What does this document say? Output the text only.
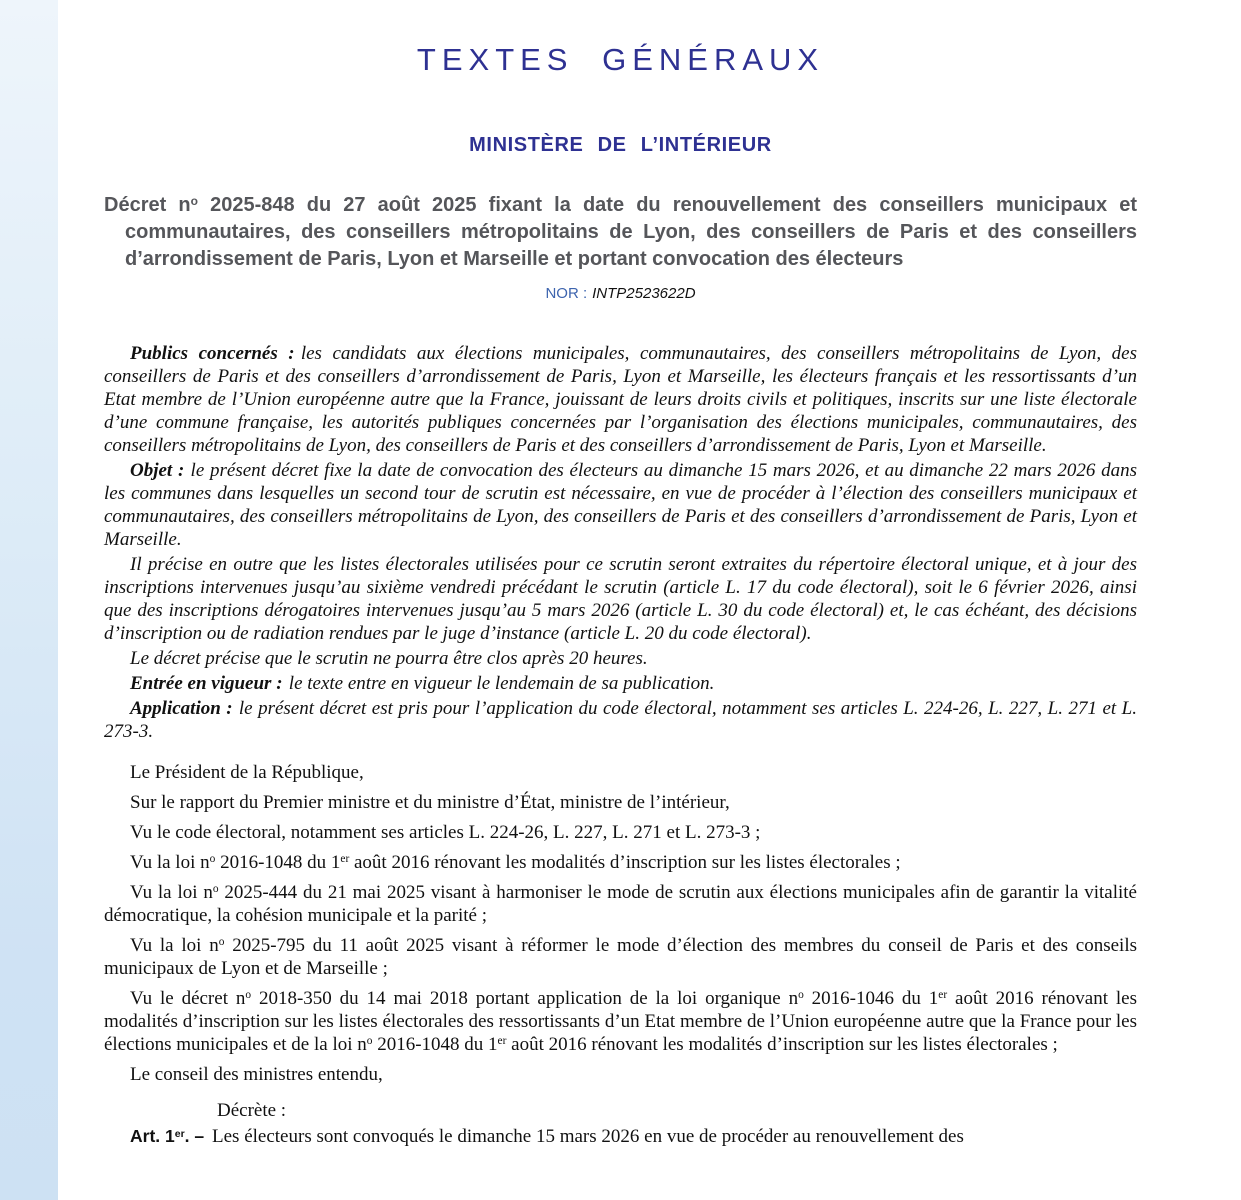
TEXTES GÉNÉRAUX
MINISTÈRE DE L’INTÉRIEUR
Décret $n^o$ 2025-848 du 27 août 2025 fixant la date du renouvellement des conseillers municipaux et communautaires, des conseillers métropolitains de Lyon, des conseillers de Paris et des conseillers d’arrondissement de Paris, Lyon et Marseille et portant convocation des électeurs
NOR : INTP2523622D

Publics concernés : les candidats aux élections municipales, communautaires, des conseillers métropolitains de Lyon, des conseillers de Paris et des conseillers d’arrondissement de Paris, Lyon et Marseille, les électeurs français et les ressortissants d’un Etat membre de l’Union européenne autre que la France, jouissant de leurs droits civils et politiques, inscrits sur une liste électorale d’une commune française, les autorités publiques concernées par l’organisation des élections municipales, communautaires, des conseillers métropolitains de Lyon, des conseillers de Paris et des conseillers d’arrondissement de Paris, Lyon et Marseille.

Objet : le présent décret fixe la date de convocation des électeurs au dimanche 15 mars 2026, et au dimanche 22 mars 2026 dans les communes dans lesquelles un second tour de scrutin est nécessaire, en vue de procéder à l’élection des conseillers municipaux et communautaires, des conseillers métropolitains de Lyon, des conseillers de Paris et des conseillers d’arrondissement de Paris, Lyon et Marseille.

Il précise en outre que les listes électorales utilisées pour ce scrutin seront extraites du répertoire électoral unique, et à jour des inscriptions intervenues jusqu’au sixième vendredi précédant le scrutin (article L. 17 du code électoral), soit le 6 février 2026, ainsi que des inscriptions dérogatoires intervenues jusqu’au 5 mars 2026 (article L. 30 du code électoral) et, le cas échéant, des décisions d’inscription ou de radiation rendues par le juge d’instance (article L. 20 du code électoral).

Le décret précise que le scrutin ne pourra être clos après 20 heures.

Entrée en vigueur : le texte entre en vigueur le lendemain de sa publication.

Application : le présent décret est pris pour l’application du code électoral, notamment ses articles L. 224-26, L. 227, L. 271 et L. 273-3.

Le Président de la République,

Sur le rapport du Premier ministre et du ministre d’État, ministre de l’intérieur,

Vu le code électoral, notamment ses articles L. 224-26, L. 227, L. 271 et L. 273-3 ;

Vu la loi $n^o$ 2016-1048 du 1er août 2016 rénovant les modalités d’inscription sur les listes électorales ;

Vu la loi $n^o$ 2025-444 du 21 mai 2025 visant à harmoniser le mode de scrutin aux élections municipales afin de garantir la vitalité démocratique, la cohésion municipale et la parité ;

Vu la loi $n^o$ 2025-795 du 11 août 2025 visant à réformer le mode d’élection des membres du conseil de Paris et des conseils municipaux de Lyon et de Marseille ;

Vu le décret $n^o$ 2018-350 du 14 mai 2018 portant application de la loi organique $n^o$ 2016-1046 du 1er août 2016 rénovant les modalités d’inscription sur les listes électorales des ressortissants d’un Etat membre de l’Union européenne autre que la France pour les élections municipales et de la loi $n^o$ 2016-1048 du 1er août 2016 rénovant les modalités d’inscription sur les listes électorales ;

Le conseil des ministres entendu,

Décrète :

Art. 1er. – Les électeurs sont convoqués le dimanche 15 mars 2026 en vue de procéder au renouvellement des
